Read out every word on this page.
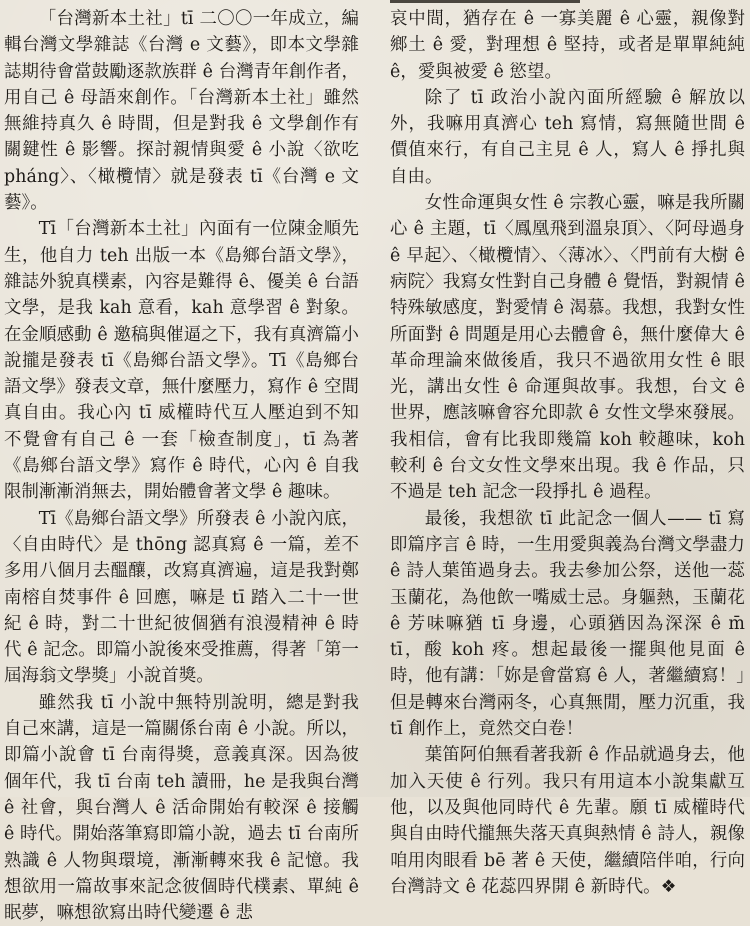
「台灣新本土社」tī 二〇〇一年成立，編輯台灣文學雜誌《台灣 e 文藝》，即本文學雜誌期待會當鼓勵逐款族群 ê 台灣青年創作者，用自己 ê 母語來創作。「台灣新本土社」雖然無維持真久 ê 時間，但是對我 ê 文學創作有關鍵性 ê 影響。探討親情與愛 ê 小說〈欲吃 pháng〉、〈橄欖情〉就是發表 tī《台灣 e 文藝》。

Tī「台灣新本土社」內面有一位陳金順先生，他自力 teh 出版一本《島鄉台語文學》，雜誌外貌真樸素，內容是難得 ê、優美 ê 台語文學，是我 kah 意看，kah 意學習 ê 對象。在金順感動 ê 邀稿與催逼之下，我有真濟篇小說攏是發表 tī《島鄉台語文學》。Tī《島鄉台語文學》發表文章，無什麼壓力，寫作 ê 空間真自由。我心內 tī 威權時代互人壓迫到不知不覺會有自己 ê 一套「檢查制度」，tī 為著《島鄉台語文學》寫作 ê 時代，心內 ê 自我限制漸漸消無去，開始體會著文學 ê 趣味。

Tī《島鄉台語文學》所發表 ê 小說內底，〈自由時代〉是 thōng 認真寫 ê 一篇，差不多用八個月去醞釀，改寫真濟遍，這是我對鄭南榕自焚事件 ê 回應，嘛是 tī 踏入二十一世紀 ê 時，對二十世紀彼個猶有浪漫精神 ê 時代 ê 記念。即篇小說後來受推薦，得著「第一屆海翁文學獎」小說首獎。

雖然我 tī 小說中無特別說明，總是對我自己來講，這是一篇關係台南 ê 小說。所以，即篇小說會 tī 台南得獎，意義真深。因為彼個年代，我 tī 台南 teh 讀冊，he 是我與台灣 ê 社會，與台灣人 ê 活命開始有較深 ê 接觸 ê 時代。開始落筆寫即篇小說，過去 tī 台南所熟識 ê 人物與環境，漸漸轉來我 ê 記憶。我想欲用一篇故事來記念彼個時代樸素、單純 ê 眠夢，嘛想欲寫出時代變遷 ê 悲

哀中間，猶存在 ê 一寡美麗 ê 心靈，親像對鄉土 ê 愛，對理想 ê 堅持，或者是單單純純 ê，愛與被愛 ê 慾望。

除了 tī 政治小說內面所經驗 ê 解放以外，我嘛用真濟心 teh 寫情，寫無隨世間 ê 價值來行，有自己主見 ê 人，寫人 ê 掙扎與自由。

女性命運與女性 ê 宗教心靈，嘛是我所關心 ê 主題，tī〈鳳凰飛到溫泉頂〉、〈阿母過身 ê 早起〉、〈橄欖情〉、〈薄冰〉、〈門前有大樹 ê 病院〉我寫女性對自己身體 ê 覺悟，對親情 ê 特殊敏感度，對愛情 ê 渴慕。我想，我對女性所面對 ê 問題是用心去體會 ê，無什麼偉大 ê 革命理論來做後盾，我只不過欲用女性 ê 眼光，講出女性 ê 命運與故事。我想，台文 ê 世界，應該嘛會容允即款 ê 女性文學來發展。我相信，會有比我即幾篇 koh 較趣味，koh 較利 ê 台文女性文學來出現。我 ê 作品，只不過是 teh 記念一段掙扎 ê 過程。

最後，我想欲 tī 此記念一個人—— tī 寫即篇序言 ê 時，一生用愛與義為台灣文學盡力 ê 詩人葉笛過身去。我去參加公祭，送他一蕊玉蘭花，為他飲一嘴威士忌。身軀熱，玉蘭花 ê 芳味嘛猶 tī 身邊，心頭猶因為深深 ê m̄ tī，酸 koh 疼。想起最後一擺與他見面 ê 時，他有講：「妳是會當寫 ê 人，著繼續寫！」但是轉來台灣兩冬，心真無閒，壓力沉重，我 tī 創作上，竟然交白卷！

葉笛阿伯無看著我新 ê 作品就過身去，他加入天使 ê 行列。我只有用這本小說集獻互他，以及與他同時代 ê 先輩。願 tī 威權時代與自由時代攏無失落天真與熱情 ê 詩人，親像咱用肉眼看 bē 著 ê 天使，繼續陪伴咱，行向台灣詩文 ê 花蕊四界開 ê 新時代。❖
